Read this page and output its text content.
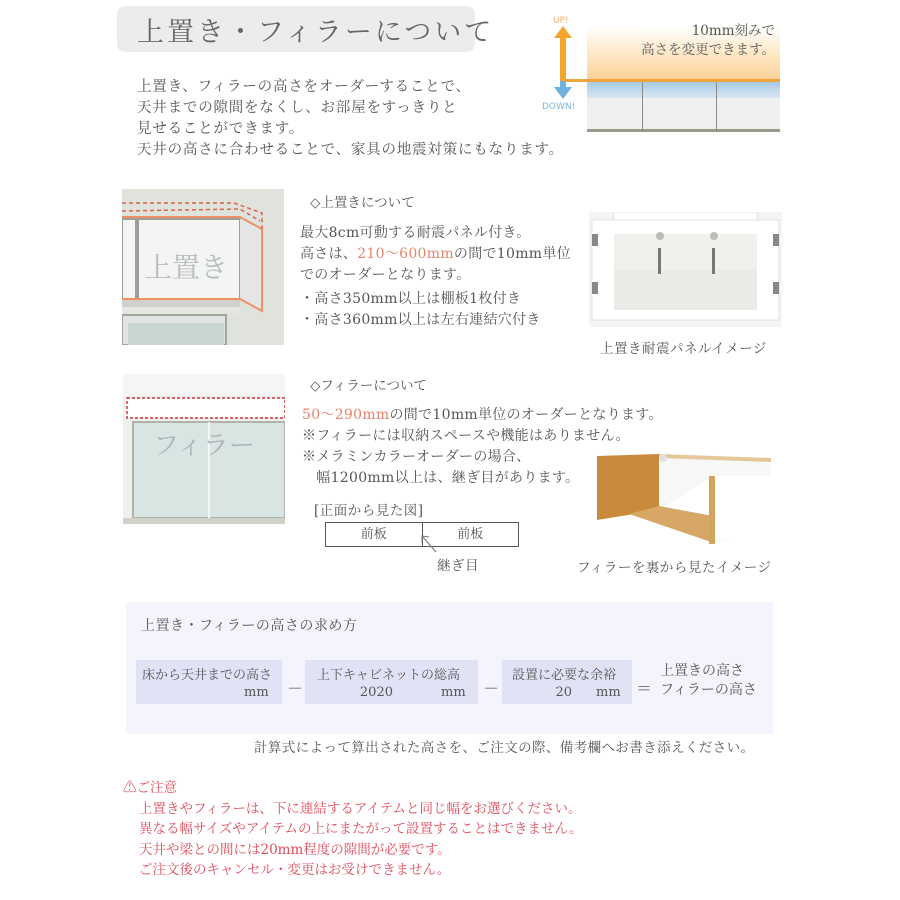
上置き・フィラーについて
上置き、フィラーの高さをオーダーすることで、
天井までの隙間をなくし、お部屋をすっきりと
見せることができます。
天井の高さに合わせることで、家具の地震対策にもなります。
UP!
DOWN!
10mm刻みで
高さを変更できます。
上置き
◇上置きについて
最大8cm可動する耐震パネル付き。
高さは、210〜600mmの間で10mm単位
でのオーダーとなります。
・高さ350mm以上は棚板1枚付き
・高さ360mm以上は左右連結穴付き
上置き耐震パネルイメージ
フィラー
◇フィラーについて
50〜290mmの間で10mm単位のオーダーとなります。
※フィラーには収納スペースや機能はありません。
※メラミンカラーオーダーの場合、
　幅1200mm以上は、継ぎ目があります。
[正面から見た図]
前板	前板
継ぎ目	フィラーを裏から見たイメージ
上置き・フィラーの高さの求め方
床から天井までの高さ
mm －
上下キャビネットの総高
2020	mm －
設置に必要な余裕
20 mm ＝
上置きの高さ
フィラーの高さ
計算式によって算出された高さを、ご注文の際、備考欄へお書き添えください。
⚠ご注意
上置きやフィラーは、下に連結するアイテムと同じ幅をお選びください。
異なる幅サイズやアイテムの上にまたがって設置することはできません。
天井や梁との間には20mm程度の隙間が必要です。
ご注文後のキャンセル・変更はお受けできません。
